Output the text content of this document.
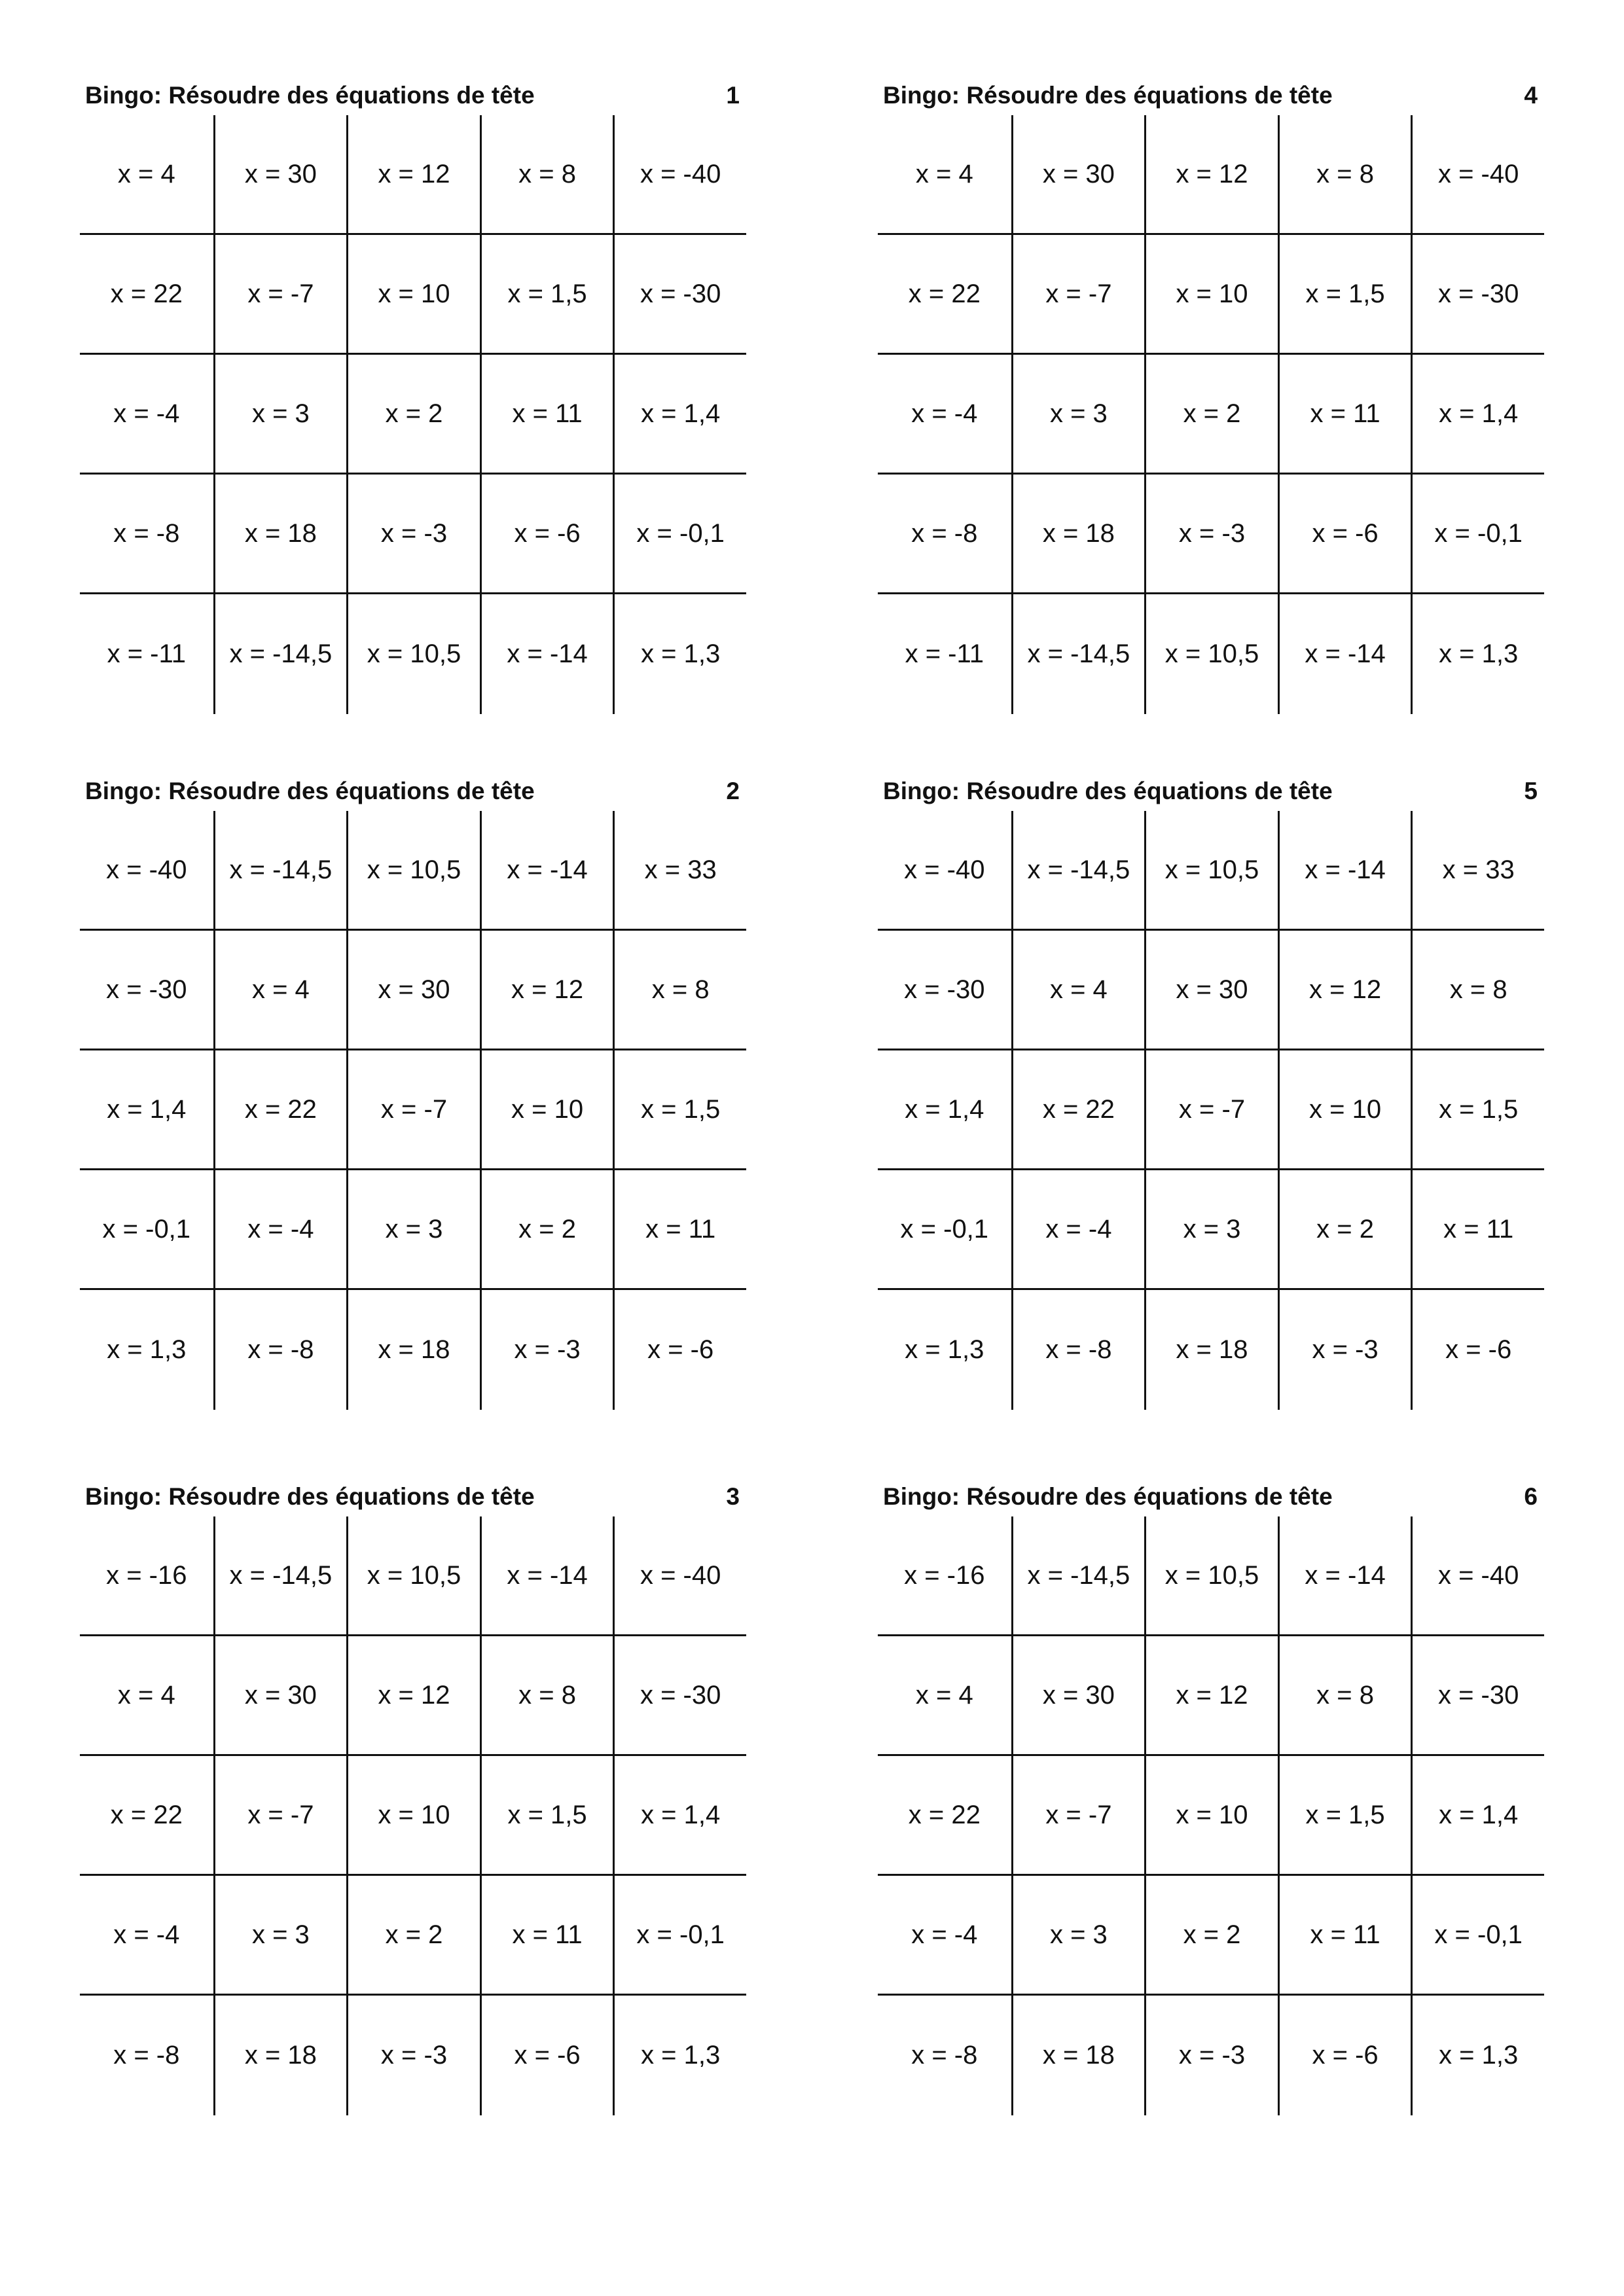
Bingo: Résoudre des équations de tête	1
x = 4	x = 30	x = 12	x = 8	x = -40
x = 22	x = -7	x = 10	x = 1,5	x = -30
x = -4	x = 3	x = 2	x = 11	x = 1,4
x = -8	x = 18	x = -3	x = -6	x = -0,1
x = -11	x = -14,5	x = 10,5	x = -14	x = 1,3
Bingo: Résoudre des équations de tête	4
x = 4	x = 30	x = 12	x = 8	x = -40
x = 22	x = -7	x = 10	x = 1,5	x = -30
x = -4	x = 3	x = 2	x = 11	x = 1,4
x = -8	x = 18	x = -3	x = -6	x = -0,1
x = -11	x = -14,5	x = 10,5	x = -14	x = 1,3
Bingo: Résoudre des équations de tête	2
x = -40	x = -14,5	x = 10,5	x = -14	x = 33
x = -30	x = 4	x = 30	x = 12	x = 8
x = 1,4	x = 22	x = -7	x = 10	x = 1,5
x = -0,1	x = -4	x = 3	x = 2	x = 11
x = 1,3	x = -8	x = 18	x = -3	x = -6
Bingo: Résoudre des équations de tête	5
x = -40	x = -14,5	x = 10,5	x = -14	x = 33
x = -30	x = 4	x = 30	x = 12	x = 8
x = 1,4	x = 22	x = -7	x = 10	x = 1,5
x = -0,1	x = -4	x = 3	x = 2	x = 11
x = 1,3	x = -8	x = 18	x = -3	x = -6
Bingo: Résoudre des équations de tête	3
x = -16	x = -14,5	x = 10,5	x = -14	x = -40
x = 4	x = 30	x = 12	x = 8	x = -30
x = 22	x = -7	x = 10	x = 1,5	x = 1,4
x = -4	x = 3	x = 2	x = 11	x = -0,1
x = -8	x = 18	x = -3	x = -6	x = 1,3
Bingo: Résoudre des équations de tête	6
x = -16	x = -14,5	x = 10,5	x = -14	x = -40
x = 4	x = 30	x = 12	x = 8	x = -30
x = 22	x = -7	x = 10	x = 1,5	x = 1,4
x = -4	x = 3	x = 2	x = 11	x = -0,1
x = -8	x = 18	x = -3	x = -6	x = 1,3
